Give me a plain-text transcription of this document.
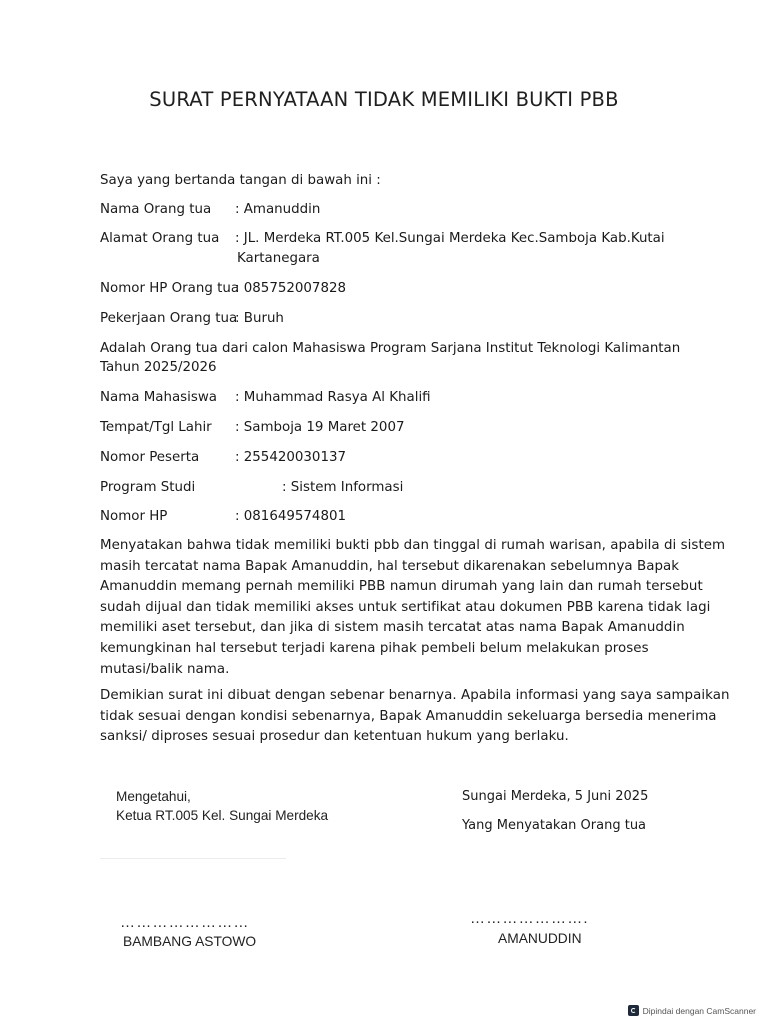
SURAT PERNYATAAN TIDAK MEMILIKI BUKTI PBB
Saya yang bertanda tangan di bawah ini :
Nama Orang tua : Amanuddin
Alamat Orang tua : JL. Merdeka RT.005 Kel.Sungai Merdeka Kec.Samboja Kab.Kutai
Kartanegara
Nomor HP Orang tua
: 085752007828
Pekerjaan Orang tua
: Buruh
Adalah Orang tua dari calon Mahasiswa Program Sarjana Institut Teknologi Kalimantan
Tahun 2025/2026
Nama Mahasiswa : Muhammad Rasya Al Khalifi
Tempat/Tgl Lahir : Samboja 19 Maret 2007
Nomor Peserta	: 255420030137
Program Studi	: Sistem Informasi
Nomor HP	: 081649574801

Menyatakan bahwa tidak memiliki bukti pbb dan tinggal di rumah warisan, apabila di sistem
masih tercatat nama Bapak Amanuddin, hal tersebut dikarenakan sebelumnya Bapak
Amanuddin memang pernah memiliki PBB namun dirumah yang lain dan rumah tersebut
sudah dijual dan tidak memiliki akses untuk sertifikat atau dokumen PBB karena tidak lagi
memiliki aset tersebut, dan jika di sistem masih tercatat atas nama Bapak Amanuddin
kemungkinan hal tersebut terjadi karena pihak pembeli belum melakukan proses
mutasi/balik nama.

Demikian surat ini dibuat dengan sebenar benarnya. Apabila informasi yang saya sampaikan
tidak sesuai dengan kondisi sebenarnya, Bapak Amanuddin sekeluarga bersedia menerima
sanksi/ diproses sesuai prosedur dan ketentuan hukum yang berlaku.

Mengetahui,
Ketua RT.005 Kel. Sungai Merdeka
……………………
BAMBANG ASTOWO
Sungai Merdeka, 5 Juni 2025
Yang Menyatakan Orang tua
………………….
AMANUDDIN
Dipindai dengan CamScanner
